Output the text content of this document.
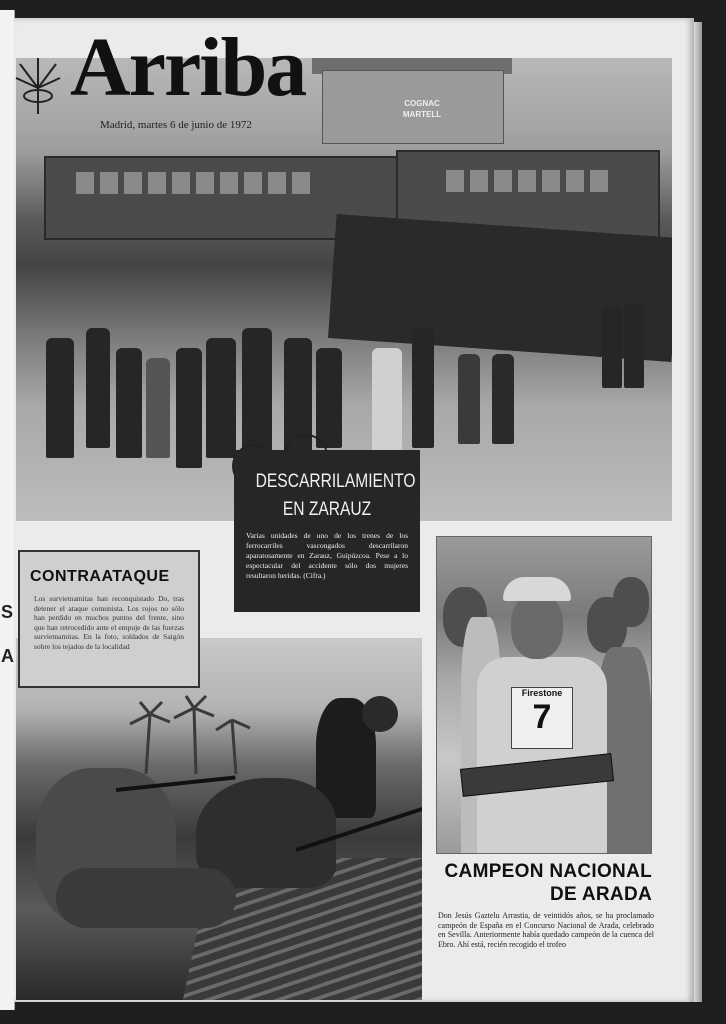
S
A
COGNAC
MARTELL
Arriba
Madrid, martes 6 de junio de 1972
DESCARRILAMIENTO
EN ZARAUZ

Varias unidades de uno de los trenes de los ferrocarriles vascongados descarrilaron aparatosamente en Zarauz, Guipúzcoa. Pese a lo espectacular del accidente sólo dos mujeres resultaron heridas. (Cifra.)

CONTRAATAQUE

Los survietnamitas han reconquistado Do, tras detener el ataque comunista. Los rojos no sólo han perdido en muchos puntos del frente, sino que han retrocedido ante el empuje de las fuerzas survietnamitas. En la foto, soldados de Saigón sobre los tejados de la localidad

Firestone
7
CAMPEON NACIONAL
DE ARADA
Don Jesús Gaztelu Arrastia, de veintidós años, se ha proclamado campeón de España en el Concurso Nacional de Arada, celebrado en Sevilla. Anteriormente había quedado campeón de la cuenca del Ebro. Ahí está, recién recogido el trofeo
